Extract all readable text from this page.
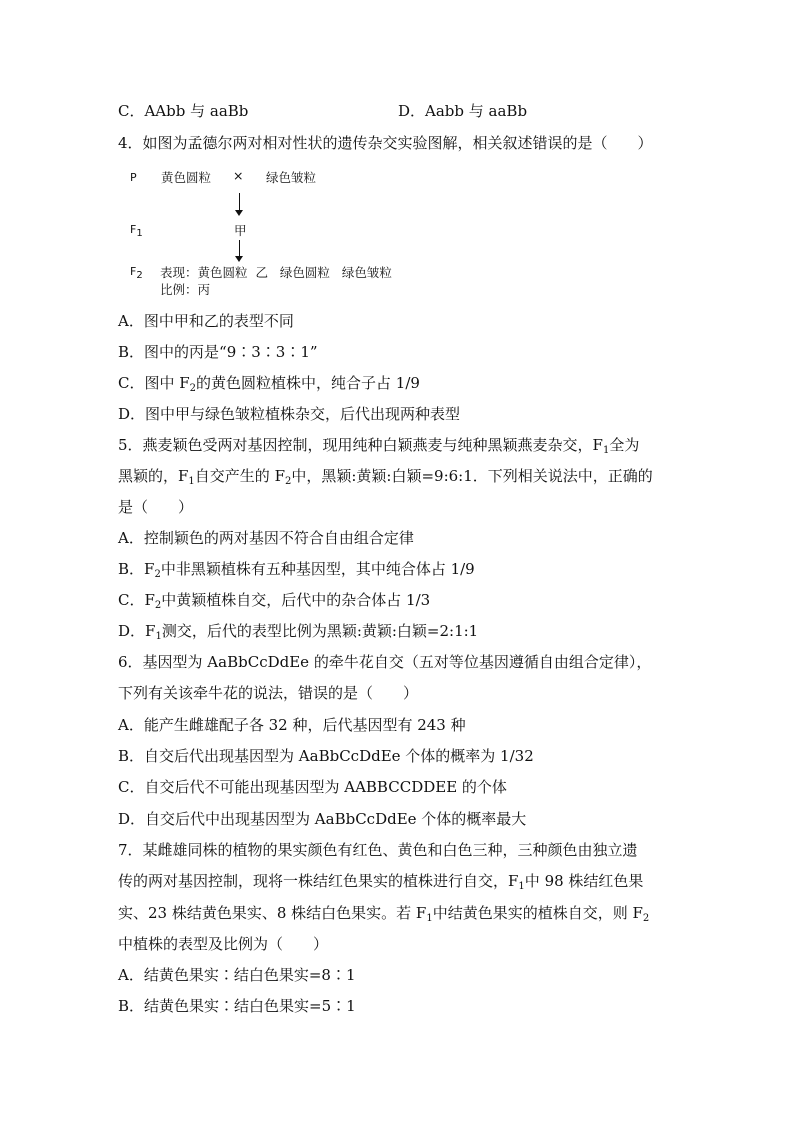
C．AAbb 与 aaBb	D．Aabb 与 aaBb
4．如图为孟德尔两对相对性状的遗传杂交实验图解，相关叙述错误的是（　　）
P 黄色圆粒 × 绿色皱粒
$F_1$	甲
$F_2$ 表现：黄色圆粒 乙 绿色圆粒 绿色皱粒
比例：丙
A．图中甲和乙的表型不同
B．图中的丙是“9∶3∶3∶1”
C．图中 $F_2$的黄色圆粒植株中，纯合子占 1/9
D．图中甲与绿色皱粒植株杂交，后代出现两种表型
5．燕麦颖色受两对基因控制，现用纯种白颖燕麦与纯种黑颖燕麦杂交，$F_1$全为
黑颖的，$F_1$自交产生的 $F_2$中，黑颖:黄颖:白颖=9:6:1．下列相关说法中，正确的
是（　　）
A．控制颖色的两对基因不符合自由组合定律
B．$F_2$中非黑颖植株有五种基因型，其中纯合体占 1/9
C．$F_2$中黄颖植株自交，后代中的杂合体占 1/3
D．$F_1$测交，后代的表型比例为黑颖:黄颖:白颖=2:1:1
6．基因型为 AaBbCcDdEe 的牵牛花自交（五对等位基因遵循自由组合定律），
下列有关该牵牛花的说法，错误的是（　　）
A．能产生雌雄配子各 32 种，后代基因型有 243 种
B．自交后代出现基因型为 AaBbCcDdEe 个体的概率为 1/32
C．自交后代不可能出现基因型为 AABBCCDDEE 的个体
D．自交后代中出现基因型为 AaBbCcDdEe 个体的概率最大
7．某雌雄同株的植物的果实颜色有红色、黄色和白色三种，三种颜色由独立遗
传的两对基因控制，现将一株结红色果实的植株进行自交，$F_1$中 98 株结红色果
实、23 株结黄色果实、8 株结白色果实。若 $F_1$中结黄色果实的植株自交，则 $F_2$
中植株的表型及比例为（　　）
A．结黄色果实∶结白色果实=8∶1
B．结黄色果实∶结白色果实=5∶1
